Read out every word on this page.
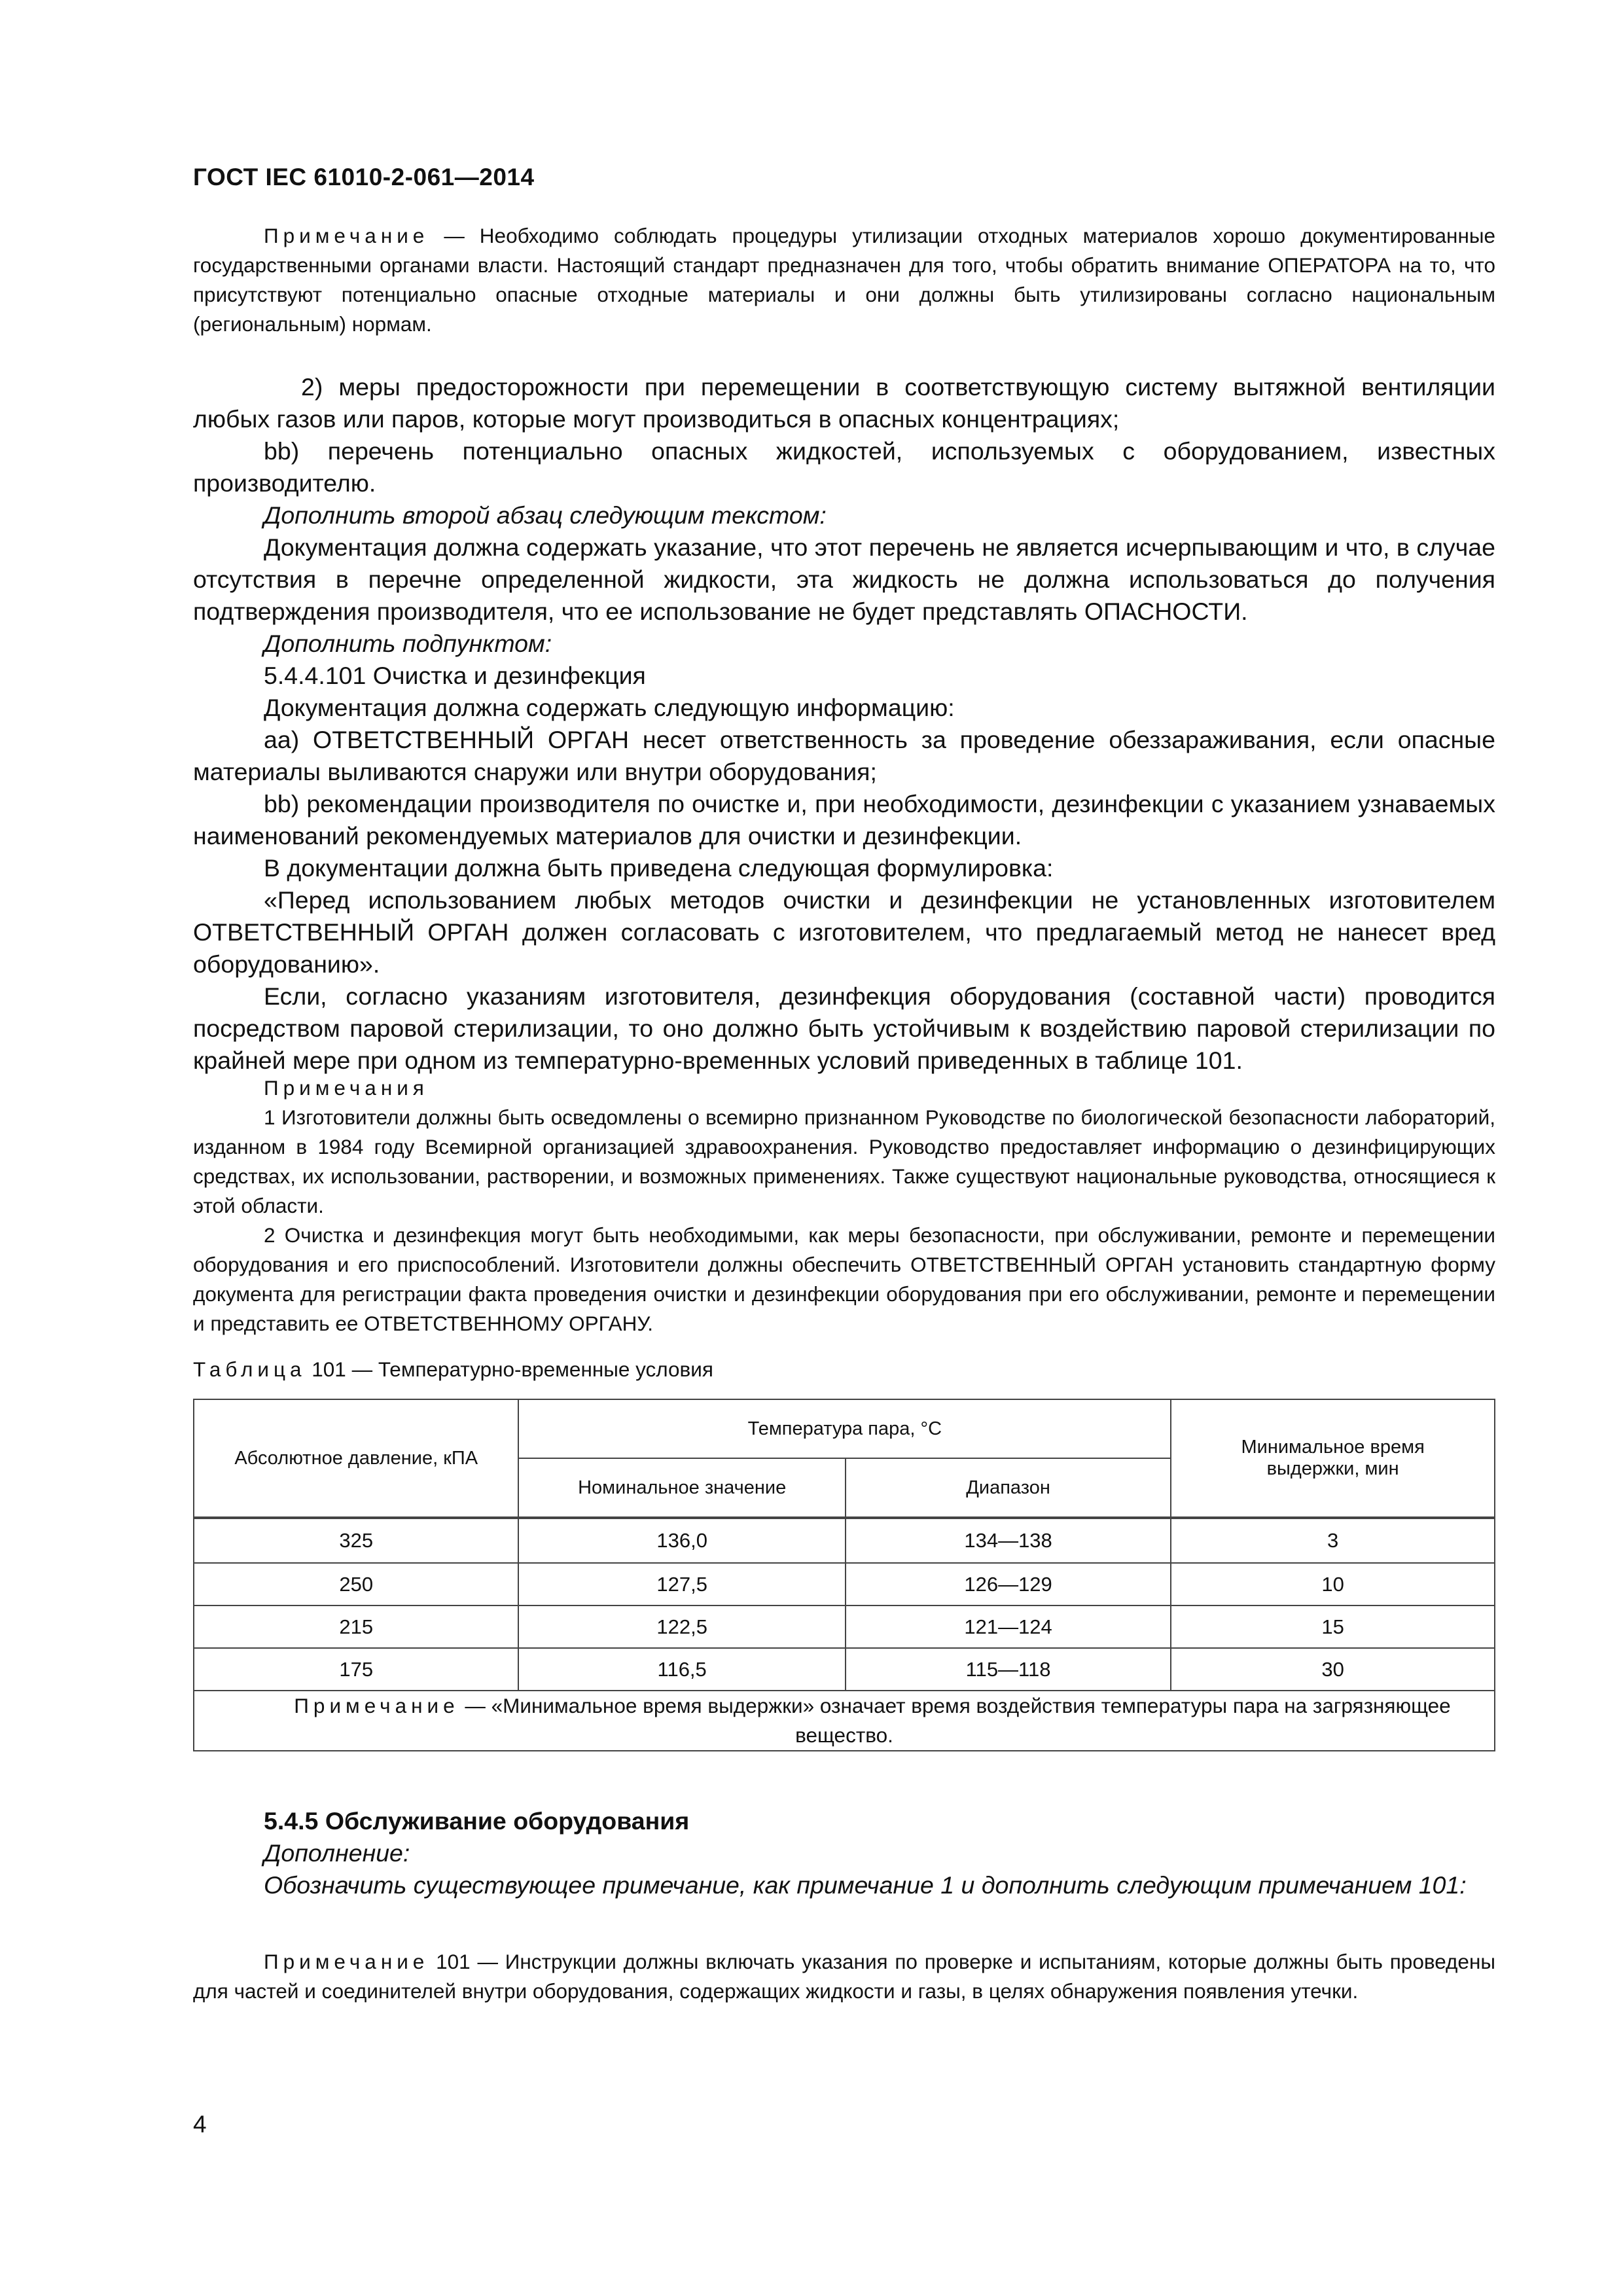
ГОСТ IEC 61010-2-061—2014

Примечание — Необходимо соблюдать процедуры утилизации отходных материалов хорошо документированные государственными органами власти. Настоящий стандарт предназначен для того, чтобы обратить внимание ОПЕРАТОРА на то, что присутствуют потенциально опасные отходные материалы и они должны быть утилизированы согласно национальным (региональным) нормам.

2) меры предосторожности при перемещении в соответствующую систему вытяжной вентиляции любых газов или паров, которые могут производиться в опасных концентрациях;

bb) перечень потенциально опасных жидкостей, используемых с оборудованием, известных производителю.

Дополнить второй абзац следующим текстом:

Документация должна содержать указание, что этот перечень не является исчерпывающим и что, в случае отсутствия в перечне определенной жидкости, эта жидкость не должна использоваться до получения подтверждения производителя, что ее использование не будет представлять ОПАСНОСТИ.

Дополнить подпунктом:

5.4.4.101 Очистка и дезинфекция

Документация должна содержать следующую информацию:

aa) ОТВЕТСТВЕННЫЙ ОРГАН несет ответственность за проведение обеззараживания, если опасные материалы выливаются снаружи или внутри оборудования;

bb) рекомендации производителя по очистке и, при необходимости, дезинфекции с указанием узнаваемых наименований рекомендуемых материалов для очистки и дезинфекции.

В документации должна быть приведена следующая формулировка:

«Перед использованием любых методов очистки и дезинфекции не установленных изготовителем ОТВЕТСТВЕННЫЙ ОРГАН должен согласовать с изготовителем, что предлагаемый метод не нанесет вред оборудованию».

Если, согласно указаниям изготовителя, дезинфекция оборудования (составной части) проводится посредством паровой стерилизации, то оно должно быть устойчивым к воздействию паровой стерилизации по крайней мере при одном из температурно-временных условий приведенных в таблице 101.

Примечания

1 Изготовители должны быть осведомлены о всемирно признанном Руководстве по биологической безопасности лабораторий, изданном в 1984 году Всемирной организацией здравоохранения. Руководство предоставляет информацию о дезинфицирующих средствах, их использовании, растворении, и возможных применениях. Также существуют национальные руководства, относящиеся к этой области.

2 Очистка и дезинфекция могут быть необходимыми, как меры безопасности, при обслуживании, ремонте и перемещении оборудования и его приспособлений. Изготовители должны обеспечить ОТВЕТСТВЕННЫЙ ОРГАН установить стандартную форму документа для регистрации факта проведения очистки и дезинфекции оборудования при его обслуживании, ремонте и перемещении и представить ее ОТВЕТСТВЕННОМУ ОРГАНУ.

Таблица 101 — Температурно-временные условия
Абсолютное давление, кПА	Температура пара, °С		Минимальное время выдержки, мин
	Номинальное значение	Диапазон	

325	136,0	134—138	3
250	127,5	126—129	10
215	122,5	121—124	15
175	116,5	115—118	30
Примечание — «Минимальное время выдержки» означает время воздействия температуры пара на загрязняющее вещество.			

5.4.5 Обслуживание оборудования

Дополнение:

Обозначить существующее примечание, как примечание 1 и дополнить следующим примечанием 101:

Примечание 101 — Инструкции должны включать указания по проверке и испытаниям, которые должны быть проведены для частей и соединителей внутри оборудования, содержащих жидкости и газы, в целях обнаружения появления утечки.

4
